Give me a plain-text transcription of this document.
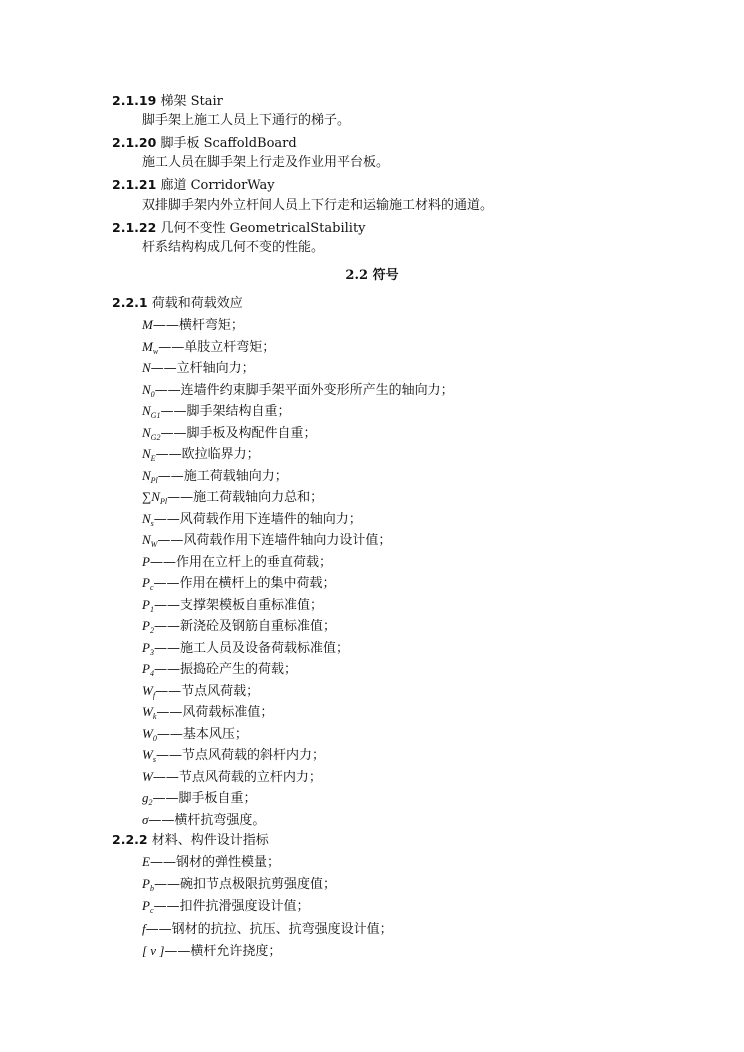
2.1.19 梯架 Stair
脚手架上施工人员上下通行的梯子。
2.1.20 脚手板 ScaffoldBoard
施工人员在脚手架上行走及作业用平台板。
2.1.21 廊道 CorridorWay
双排脚手架内外立杆间人员上下行走和运输施工材料的通道。
2.1.22 几何不变性 GeometricalStability
杆系结构构成几何不变的性能。
2.2 符号
2.2.1 荷载和荷载效应
M——横杆弯矩；
$M_w——$单肢立杆弯矩；
N——立杆轴向力；
$N_0——$连墙件约束脚手架平面外变形所产生的轴向力；
$N_{G1}——$脚手架结构自重；
$N_{G2}——$脚手板及构配件自重；
$N_E——$欧拉临界力；
$N_{Pl}——$施工荷载轴向力；
$\sum N_{Pl}——$施工荷载轴向力总和；
$N_s——$风荷载作用下连墙件的轴向力；
$N_W——$风荷载作用下连墙件轴向力设计值；
P——作用在立杆上的垂直荷载；
$P_c——$作用在横杆上的集中荷载；
$P_1——$支撑架模板自重标准值；
$P_2——$新浇砼及钢筋自重标准值；
$P_3——$施工人员及设备荷载标准值；
$P_4——$振捣砼产生的荷载；
$W_f——$节点风荷载；
$W_k——$风荷载标准值；
$W_0——$基本风压；
$W_s——$节点风荷载的斜杆内力；
W——节点风荷载的立杆内力；
$g_2——$脚手板自重；
σ——横杆抗弯强度。
2.2.2 材料、构件设计指标
E——钢材的弹性模量；
$P_b——$碗扣节点极限抗剪强度值；
$P_c——$扣件抗滑强度设计值；
f——钢材的抗拉、抗压、抗弯强度设计值；
[ ν ]——横杆允许挠度；
